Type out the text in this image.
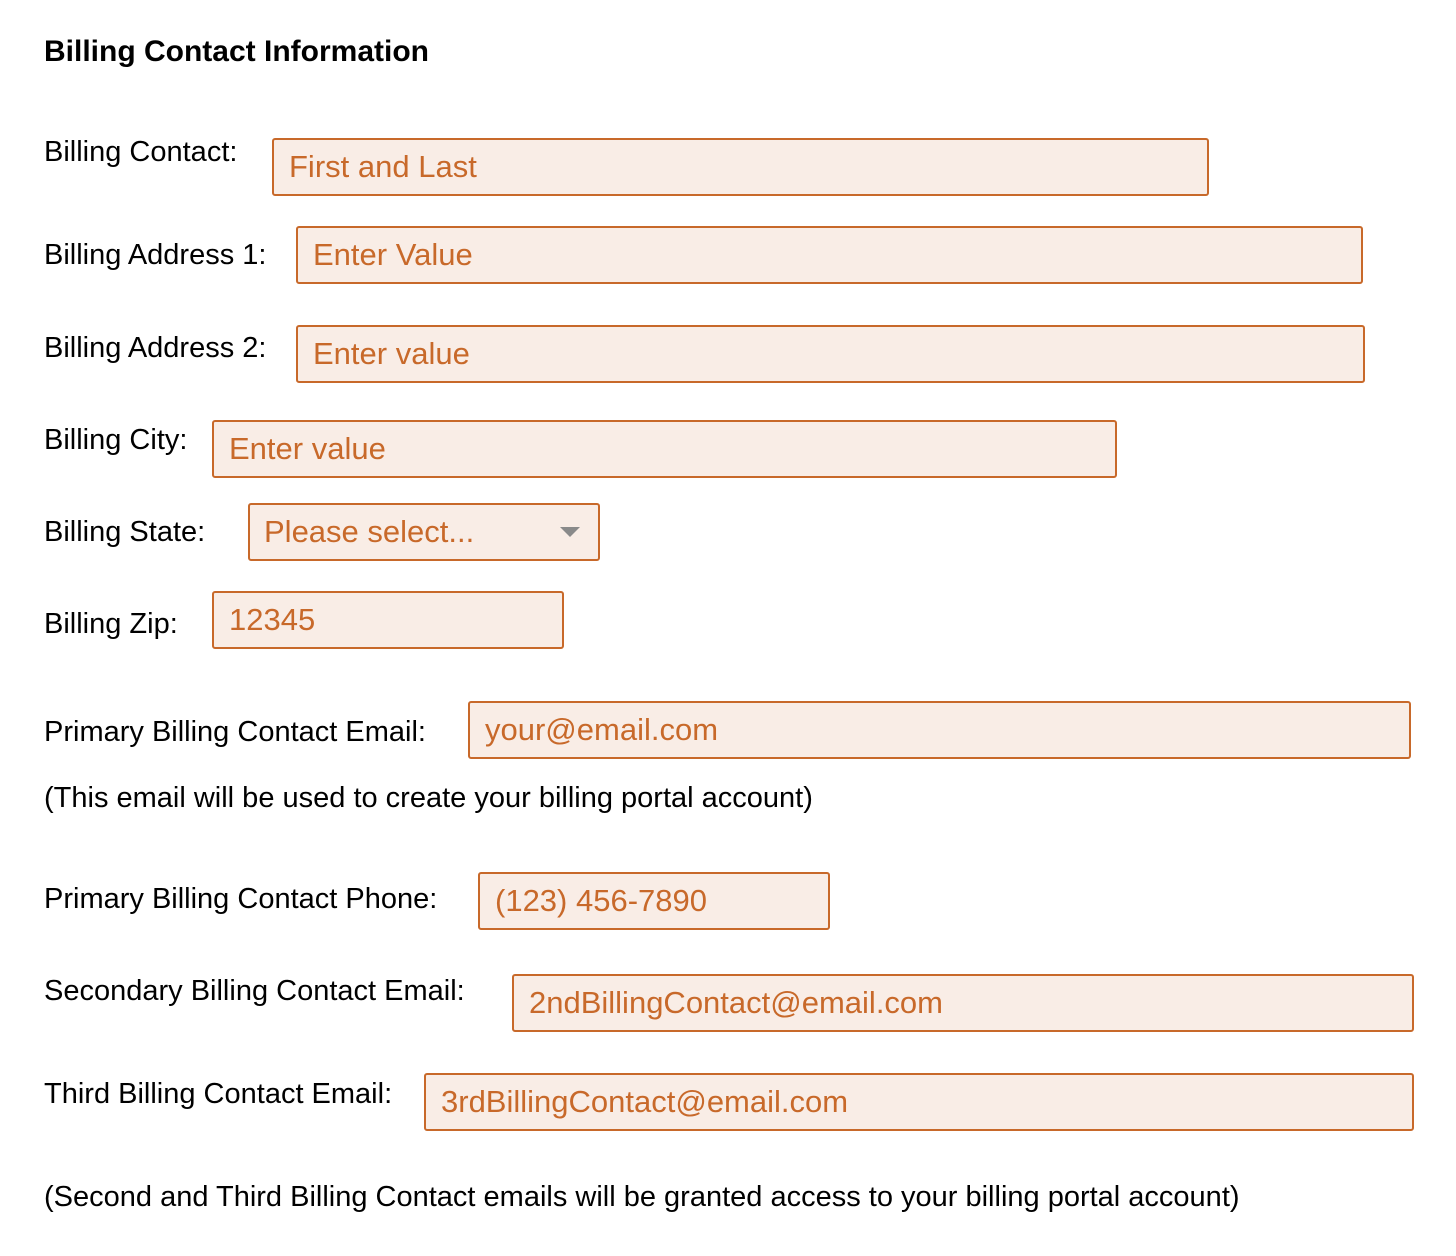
Billing Contact Information
Billing Contact:
First and Last
Billing Address 1:
Enter Value
Billing Address 2:
Enter value
Billing City:
Enter value
Billing State:	Please select...
Billing Zip:
12345
Primary Billing Contact Email:
your@email.com
(This email will be used to create your billing portal account)
Primary Billing Contact Phone:
(123) 456-7890
Secondary Billing Contact Email:
2ndBillingContact@email.com
Third Billing Contact Email:
3rdBillingContact@email.com
(Second and Third Billing Contact emails will be granted access to your billing portal account)
